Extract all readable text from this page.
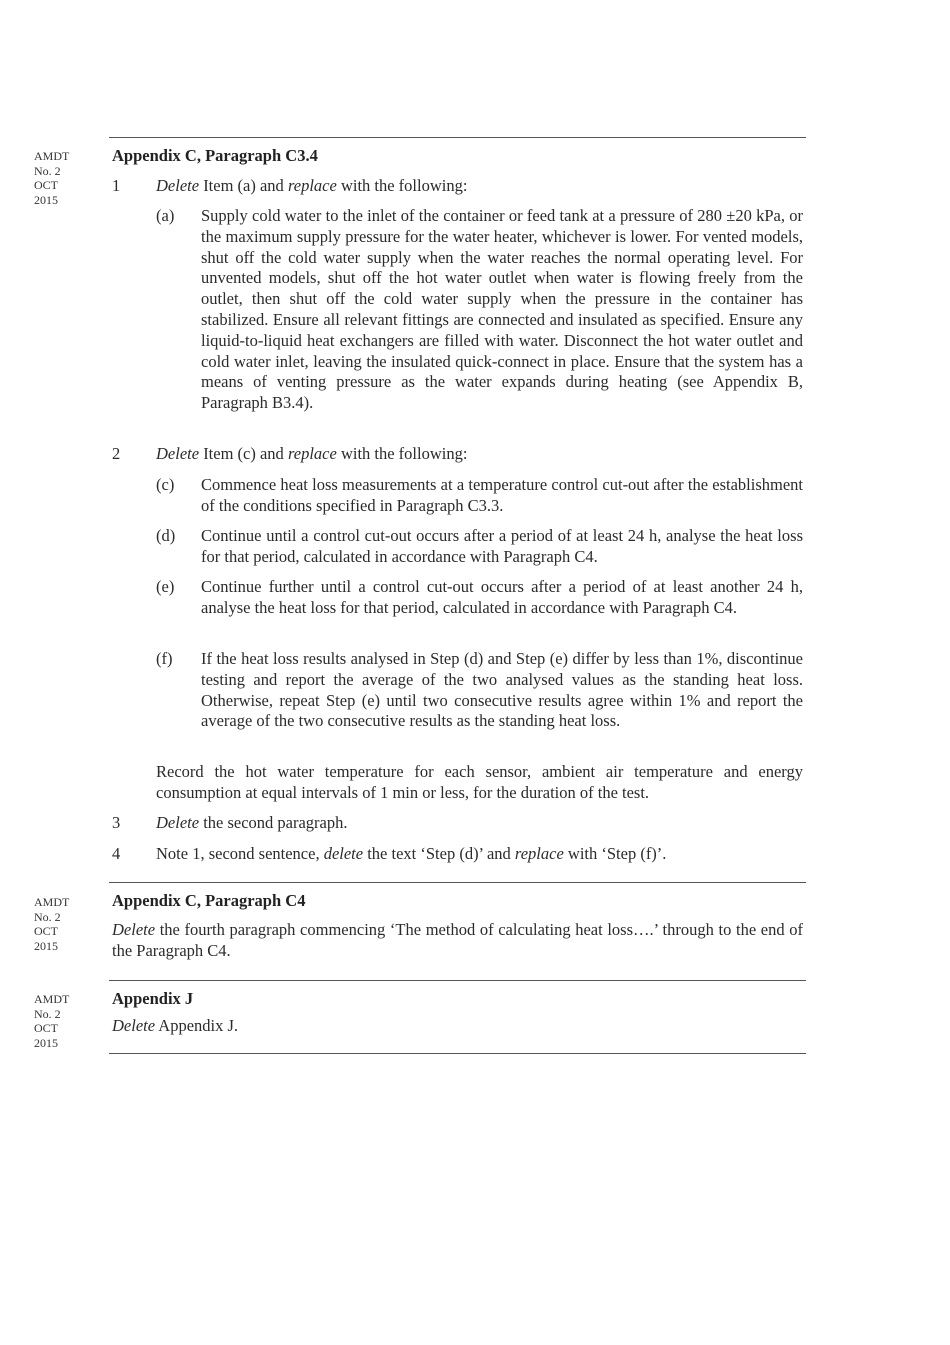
AMDT
No. 2
OCT
2015
Appendix C, Paragraph C3.4
1 Delete Item (a) and replace with the following:
(a) Supply cold water to the inlet of the container or feed tank at a pressure of 280 ±20 kPa, or the maximum supply pressure for the water heater, whichever is lower. For vented models, shut off the cold water supply when the water reaches the normal operating level. For unvented models, shut off the hot water outlet when water is flowing freely from the outlet, then shut off the cold water supply when the pressure in the container has stabilized. Ensure all relevant fittings are connected and insulated as specified. Ensure any liquid-to-liquid heat exchangers are filled with water. Disconnect the hot water outlet and cold water inlet, leaving the insulated quick-connect in place. Ensure that the system has a means of venting pressure as the water expands during heating (see Appendix B, Paragraph B3.4).
2 Delete Item (c) and replace with the following:
(c) Commence heat loss measurements at a temperature control cut-out after the establishment of the conditions specified in Paragraph C3.3.
(d) Continue until a control cut-out occurs after a period of at least 24 h, analyse the heat loss for that period, calculated in accordance with Paragraph C4.
(e) Continue further until a control cut-out occurs after a period of at least another 24 h, analyse the heat loss for that period, calculated in accordance with Paragraph C4.
(f) If the heat loss results analysed in Step (d) and Step (e) differ by less than 1%, discontinue testing and report the average of the two analysed values as the standing heat loss. Otherwise, repeat Step (e) until two consecutive results agree within 1% and report the average of the two consecutive results as the standing heat loss.
Record the hot water temperature for each sensor, ambient air temperature and energy consumption at equal intervals of 1 min or less, for the duration of the test.
3 Delete the second paragraph.
4 Note 1, second sentence, delete the text ‘Step (d)’ and replace with ‘Step (f)’.
AMDT
No. 2
OCT
2015
Appendix C, Paragraph C4
Delete the fourth paragraph commencing ‘The method of calculating heat loss….’ through to the end of the Paragraph C4.
AMDT
No. 2
OCT
2015
Appendix J
Delete Appendix J.
